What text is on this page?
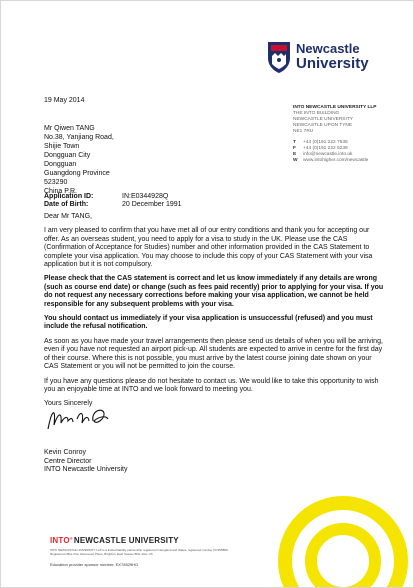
Newcastle
University
19 May 2014
Mr Qiwen TANG
No.38, Yanjiang Road,
Shijie Town
Dongguan City
Dongguan
Guangdong Province
523290
China P.R.
INTO NEWCASTLE UNIVERSITY LLP
THE INTO BUILDING
NEWCASTLE UNIVERSITY
NEWCASTLE UPON TYNE
NE1 7RU
T	+44 (0)191 222 7535
F	+44 (0)191 222 5239
E	info@newcastle.into.uk
W	www.intohigher.com/newcastle
Application ID:	IN:E0344928Q
Date of Birth:	20 December 1991

Dear Mr TANG,

I am very pleased to confirm that you have met all of our entry conditions and thank you for accepting our offer. As an overseas student, you need to apply for a visa to study in the UK. Please use the CAS (Confirmation of Acceptance for Studies) number and other information provided in the CAS Statement to complete your visa application. You may choose to include this copy of your CAS Statement with your visa application but it is not compulsory.

Please check that the CAS statement is correct and let us know immediately if any details are wrong (such as course end date) or change (such as fees paid recently) prior to applying for your visa. If you do not request any necessary corrections before making your visa application, we cannot be held responsible for any subsequent problems with your visa.

You should contact us immediately if your visa application is unsuccessful (refused) and you must include the refusal notification.

As soon as you have made your travel arrangements then please send us details of when you will be arriving, even if you have not requested an airport pick-up. All students are expected to arrive in centre for the first day of their course. Where this is not possible, you must arrive by the latest course joining date shown on your CAS Statement or you will not be permitted to join the course.

If you have any questions please do not hesitate to contact us. We would like to take this opportunity to wish you an enjoyable time at INTO and we look forward to meeting you.

Yours Sincerely

Kevin Conroy
Centre Director
INTO Newcastle University
INTO ® NEWCASTLE UNIVERSITY
INTO NEWCASTLE UNIVERSITY LLP is a limited liability partnership registered in England and Wales, registered number OC355889
Registered office One Gloucester Place, Brighton, East Sussex BN1 4AA, UK
Education provider sponsor number: EXT8529HG
